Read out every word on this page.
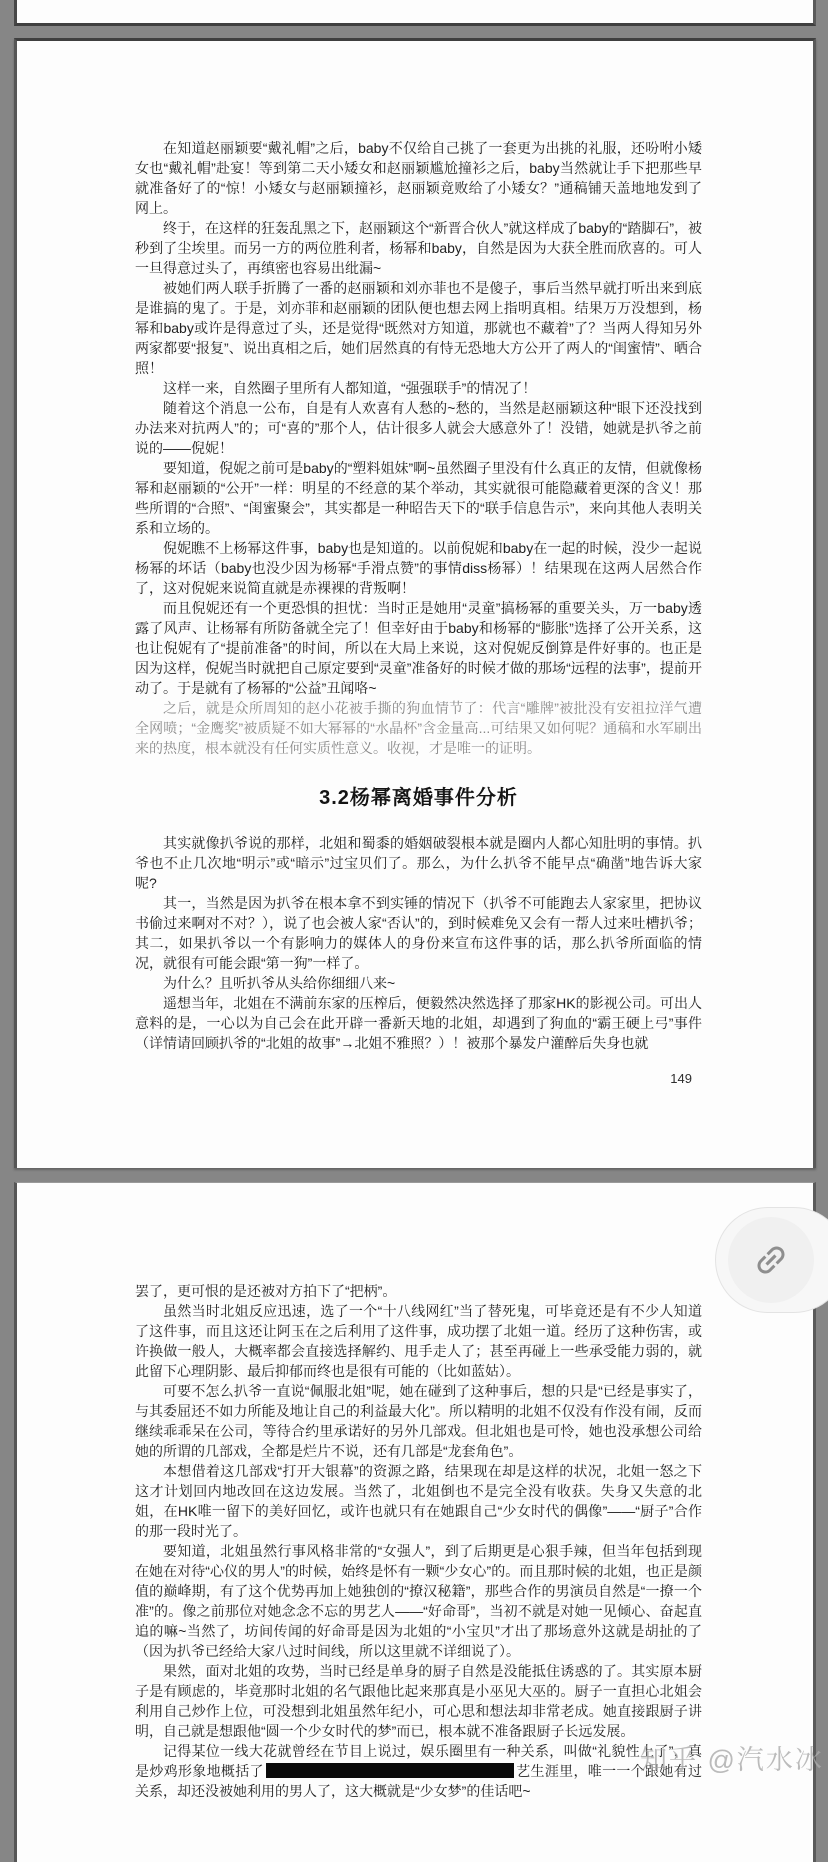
在知道赵丽颖要“戴礼帽”之后，baby不仅给自己挑了一套更为出挑的礼服，还吩咐小矮女也“戴礼帽”赴宴！等到第二天小矮女和赵丽颖尴尬撞衫之后，baby当然就让手下把那些早就准备好了的“惊！小矮女与赵丽颖撞衫，赵丽颖竟败给了小矮女？”通稿铺天盖地地发到了网上。

终于，在这样的狂轰乱黑之下，赵丽颖这个“新晋合伙人”就这样成了baby的“踏脚石”，被秒到了尘埃里。而另一方的两位胜利者，杨幂和baby，自然是因为大获全胜而欣喜的。可人一旦得意过头了，再缜密也容易出纰漏~

被她们两人联手折腾了一番的赵丽颖和刘亦菲也不是傻子，事后当然早就打听出来到底是谁搞的鬼了。于是，刘亦菲和赵丽颖的团队便也想去网上指明真相。结果万万没想到，杨幂和baby或许是得意过了头，还是觉得“既然对方知道，那就也不藏着”了？当两人得知另外两家都要“报复”、说出真相之后，她们居然真的有恃无恐地大方公开了两人的“闺蜜情”、晒合照！

这样一来，自然圈子里所有人都知道，“强强联手”的情况了！

随着这个消息一公布，自是有人欢喜有人愁的~愁的，当然是赵丽颖这种“眼下还没找到办法来对抗两人”的；可“喜的”那个人，估计很多人就会大感意外了！没错，她就是扒爷之前说的——倪妮！

要知道，倪妮之前可是baby的“塑料姐妹”啊~虽然圈子里没有什么真正的友情，但就像杨幂和赵丽颖的“公开”一样：明星的不经意的某个举动，其实就很可能隐藏着更深的含义！那些所谓的“合照”、“闺蜜聚会”，其实都是一种昭告天下的“联手信息告示”，来向其他人表明关系和立场的。

倪妮瞧不上杨幂这件事，baby也是知道的。以前倪妮和baby在一起的时候，没少一起说杨幂的坏话（baby也没少因为杨幂“手滑点赞”的事情diss杨幂）！结果现在这两人居然合作了，这对倪妮来说简直就是赤裸裸的背叛啊！

而且倪妮还有一个更恐惧的担忧：当时正是她用“灵童”搞杨幂的重要关头，万一baby透露了风声、让杨幂有所防备就全完了！但幸好由于baby和杨幂的“膨胀”选择了公开关系，这也让倪妮有了“提前准备”的时间，所以在大局上来说，这对倪妮反倒算是件好事的。也正是因为这样，倪妮当时就把自己原定要到“灵童”准备好的时候才做的那场“远程的法事”，提前开动了。于是就有了杨幂的“公益”丑闻咯~

之后，就是众所周知的赵小花被手撕的狗血情节了：代言“雕牌”被批没有安祖拉洋气遭全网喷；“金鹰奖”被质疑不如大幂幂的“水晶杯”含金量高...可结果又如何呢？通稿和水军刷出来的热度，根本就没有任何实质性意义。收视，才是唯一的证明。

3.2杨幂离婚事件分析

其实就像扒爷说的那样，北姐和蜀黍的婚姻破裂根本就是圈内人都心知肚明的事情。扒爷也不止几次地“明示”或“暗示”过宝贝们了。那么，为什么扒爷不能早点“确凿”地告诉大家呢?

其一，当然是因为扒爷在根本拿不到实锤的情况下（扒爷不可能跑去人家家里，把协议书偷过来啊对不对？），说了也会被人家“否认”的，到时候难免又会有一帮人过来吐槽扒爷；其二，如果扒爷以一个有影响力的媒体人的身份来宣布这件事的话，那么扒爷所面临的情况，就很有可能会跟“第一狗”一样了。

为什么？且听扒爷从头给你细细八来~

遥想当年，北姐在不满前东家的压榨后，便毅然决然选择了那家HK的影视公司。可出人意料的是，一心以为自己会在此开辟一番新天地的北姐，却遇到了狗血的“霸王硬上弓”事件（详情请回顾扒爷的“北姐的故事”→北姐不雅照？）！被那个暴发户灌醉后失身也就

149

罢了，更可恨的是还被对方拍下了“把柄”。

虽然当时北姐反应迅速，选了一个“十八线网红”当了替死鬼，可毕竟还是有不少人知道了这件事，而且这还让阿玉在之后利用了这件事，成功摆了北姐一道。经历了这种伤害，或许换做一般人，大概率都会直接选择解约、甩手走人了；甚至再碰上一些承受能力弱的，就此留下心理阴影、最后抑郁而终也是很有可能的（比如蓝姑）。

可要不怎么扒爷一直说“佩服北姐”呢，她在碰到了这种事后，想的只是“已经是事实了，与其委屈还不如力所能及地让自己的利益最大化”。所以精明的北姐不仅没有作没有闹，反而继续乖乖呆在公司，等待合约里承诺好的另外几部戏。但北姐也是可怜，她也没承想公司给她的所谓的几部戏，全都是烂片不说，还有几部是“龙套角色”。

本想借着这几部戏“打开大银幕”的资源之路，结果现在却是这样的状况，北姐一怒之下这才计划回内地改回在这边发展。当然了，北姐倒也不是完全没有收获。失身又失意的北姐，在HK唯一留下的美好回忆，或许也就只有在她跟自己“少女时代的偶像”——“厨子”合作的那一段时光了。

要知道，北姐虽然行事风格非常的“女强人”，到了后期更是心狠手辣，但当年包括到现在她在对待“心仪的男人”的时候，始终是怀有一颗“少女心”的。而且那时候的北姐，也正是颜值的巅峰期，有了这个优势再加上她独创的“撩汉秘籍”，那些合作的男演员自然是“一撩一个准”的。像之前那位对她念念不忘的男艺人——“好命哥”，当初不就是对她一见倾心、奋起直追的嘛~当然了，坊间传闻的好命哥是因为北姐的“小宝贝”才出了那场意外这就是胡扯的了（因为扒爷已经给大家八过时间线，所以这里就不详细说了）。

果然，面对北姐的攻势，当时已经是单身的厨子自然是没能抵住诱惑的了。其实原本厨子是有顾虑的，毕竟那时北姐的名气跟他比起来那真是小巫见大巫的。厨子一直担心北姐会利用自己炒作上位，可没想到北姐虽然年纪小，可心思和想法却非常老成。她直接跟厨子讲明，自己就是想跟他“圆一个少女时代的梦”而已，根本就不准备跟厨子长远发展。

记得某位一线大花就曾经在节目上说过，娱乐圈里有一种关系，叫做“礼貌性上了”，真是炒鸡形象地概括了	艺生涯里，唯一一个跟她有过关系，却还没被她利用的男人了，这大概就是“少女梦”的佳话吧~

知乎 @汽水冰
